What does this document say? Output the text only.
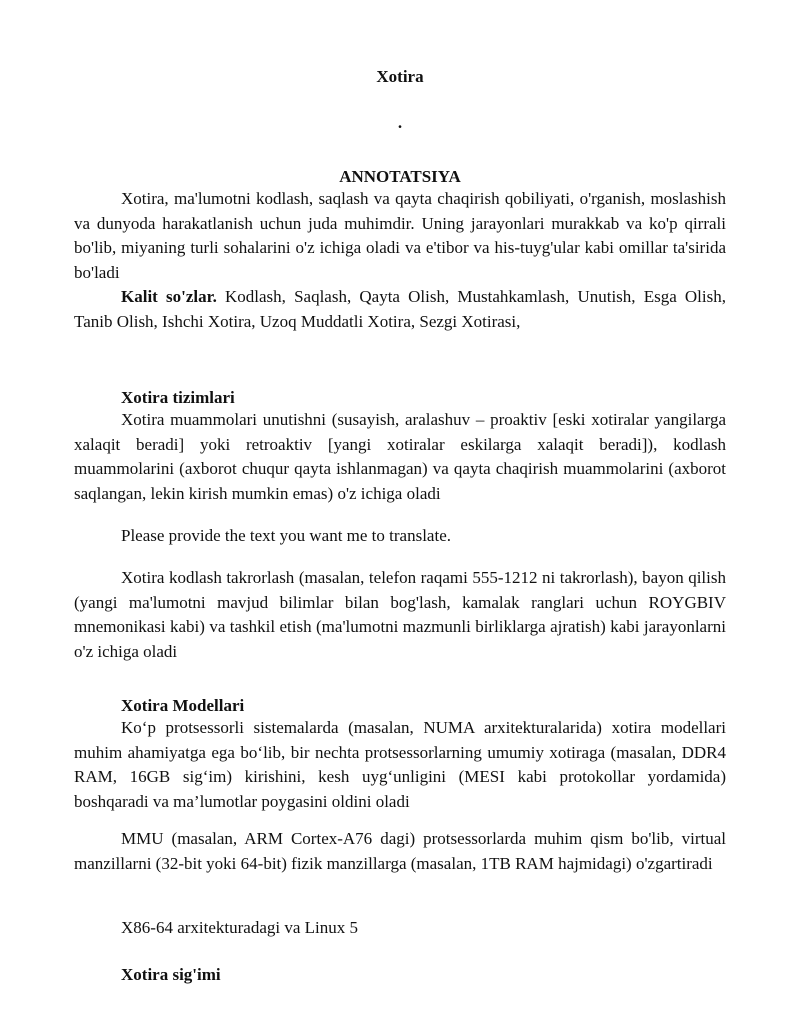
Xotira
.
ANNOTATSIYA

Xotira, ma'lumotni kodlash, saqlash va qayta chaqirish qobiliyati, o'rganish, moslashish va dunyoda harakatlanish uchun juda muhimdir. Uning jarayonlari murakkab va ko'p qirrali bo'lib, miyaning turli sohalarini o'z ichiga oladi va e'tibor va his-tuyg'ular kabi omillar ta'sirida bo'ladi

Kalit so'zlar. Kodlash, Saqlash, Qayta Olish, Mustahkamlash, Unutish, Esga Olish, Tanib Olish, Ishchi Xotira, Uzoq Muddatli Xotira, Sezgi Xotirasi,

Xotira tizimlari

Xotira muammolari unutishni (susayish, aralashuv – proaktiv [eski xotiralar yangilarga xalaqit beradi] yoki retroaktiv [yangi xotiralar eskilarga xalaqit beradi]), kodlash muammolarini (axborot chuqur qayta ishlanmagan) va qayta chaqirish muammolarini (axborot saqlangan, lekin kirish mumkin emas) o'z ichiga oladi

Please provide the text you want me to translate.

Xotira kodlash takrorlash (masalan, telefon raqami 555-1212 ni takrorlash), bayon qilish (yangi ma'lumotni mavjud bilimlar bilan bog'lash, kamalak ranglari uchun ROYGBIV mnemonikasi kabi) va tashkil etish (ma'lumotni mazmunli birliklarga ajratish) kabi jarayonlarni o'z ichiga oladi

Xotira Modellari

Ko‘p protsessorli sistemalarda (masalan, NUMA arxitekturalarida) xotira modellari muhim ahamiyatga ega bo‘lib, bir nechta protsessorlarning umumiy xotiraga (masalan, DDR4 RAM, 16GB sig‘im) kirishini, kesh uyg‘unligini (MESI kabi protokollar yordamida) boshqaradi va ma’lumotlar poygasini oldini oladi

MMU (masalan, ARM Cortex-A76 dagi) protsessorlarda muhim qism bo'lib, virtual manzillarni (32-bit yoki 64-bit) fizik manzillarga (masalan, 1TB RAM hajmidagi) o'zgartiradi

X86-64 arxitekturadagi va Linux 5
Xotira sig'imi
